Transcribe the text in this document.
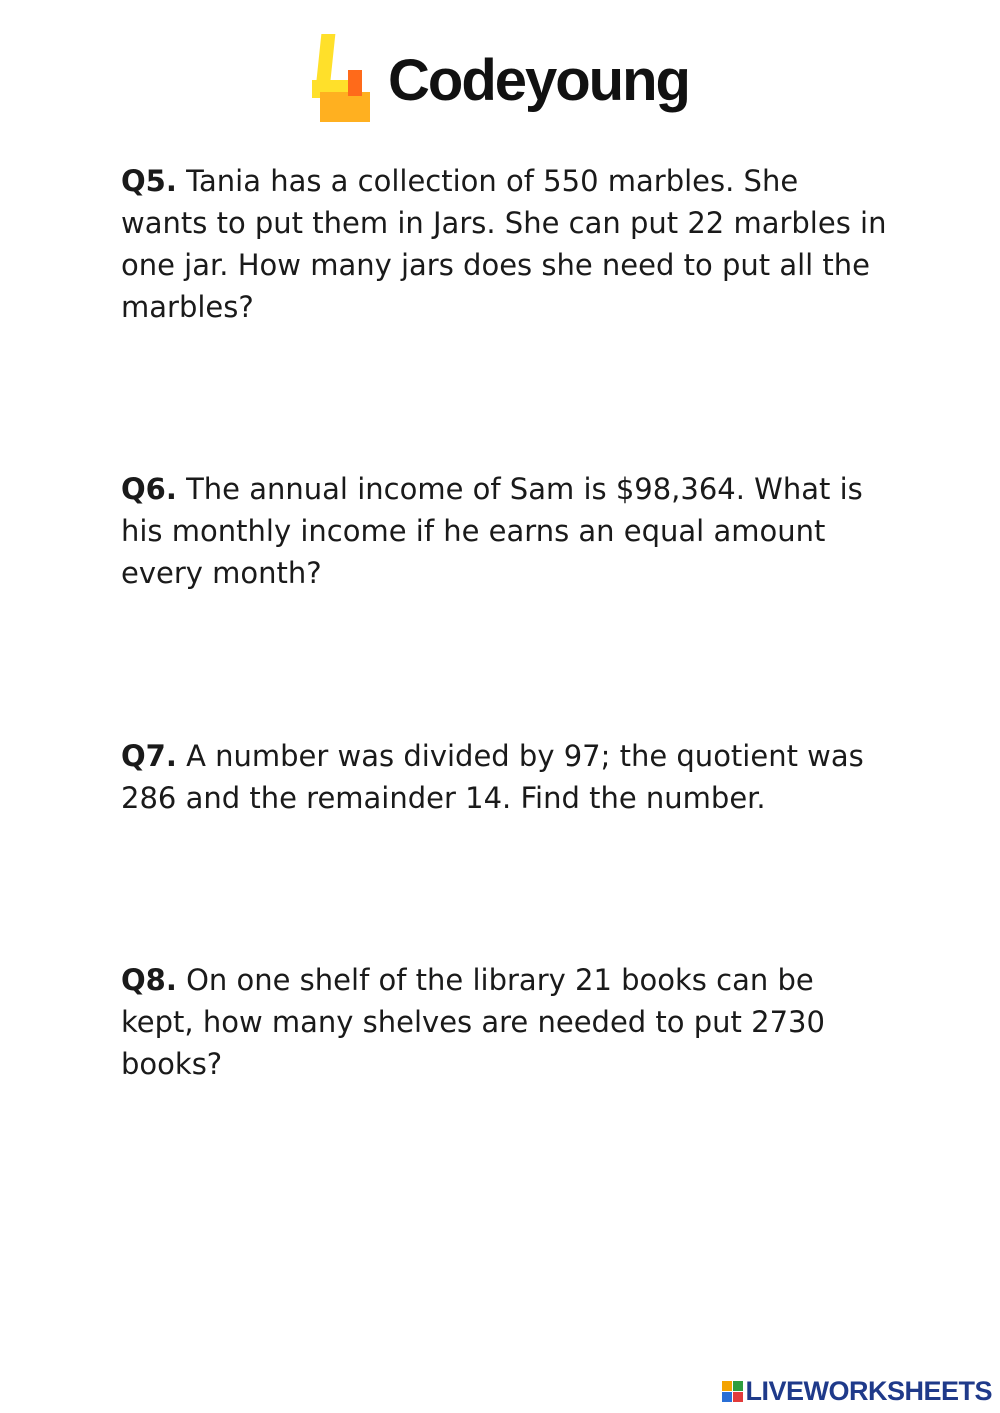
Codeyoung

Q5. Tania has a collection of 550 marbles. She wants to put them in Jars. She can put 22 marbles in one jar. How many jars does she need to put all the marbles?

Q6. The annual income of Sam is $98,364. What is his monthly income if he earns an equal amount every month?

Q7. A number was divided by 97; the quotient was 286 and the remainder 14. Find the number.

Q8. On one shelf of the library 21 books can be kept, how many shelves are needed to put 2730 books?

LIVEWORKSHEETS
